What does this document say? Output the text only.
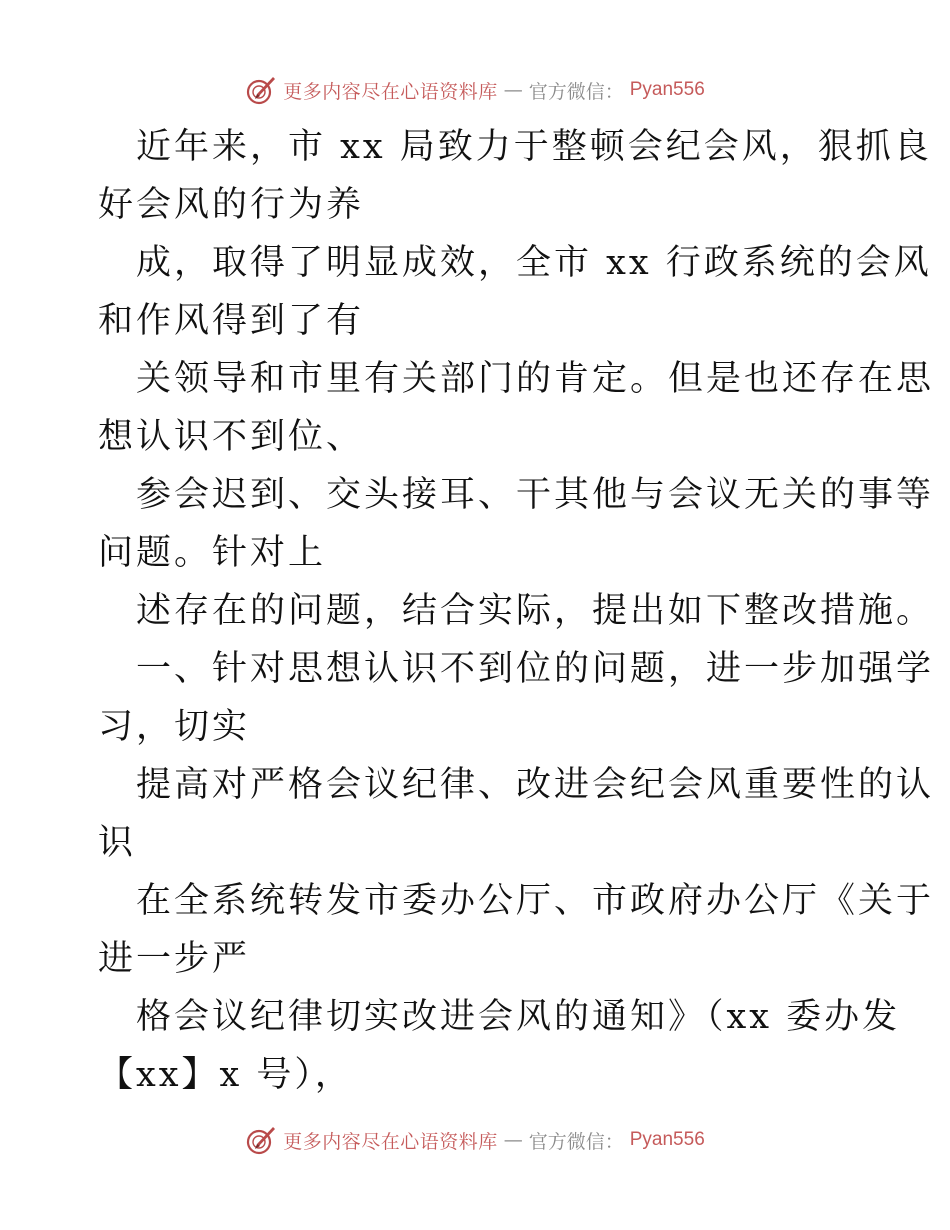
更多内容尽在心语资料库 — 官方微信： Pyan556
近年来，市 xx 局致力于整顿会纪会风，狠抓良
好会风的行为养
成，取得了明显成效，全市 xx 行政系统的会风
和作风得到了有
关领导和市里有关部门的肯定。但是也还存在思
想认识不到位、
参会迟到、交头接耳、干其他与会议无关的事等
问题。针对上
述存在的问题，结合实际，提出如下整改措施。
一、针对思想认识不到位的问题，进一步加强学
习，切实
提高对严格会议纪律、改进会纪会风重要性的认
识
在全系统转发市委办公厅、市政府办公厅《关于
进一步严
格会议纪律切实改进会风的通知》（xx 委办发
【xx】x 号），
更多内容尽在心语资料库 — 官方微信： Pyan556
